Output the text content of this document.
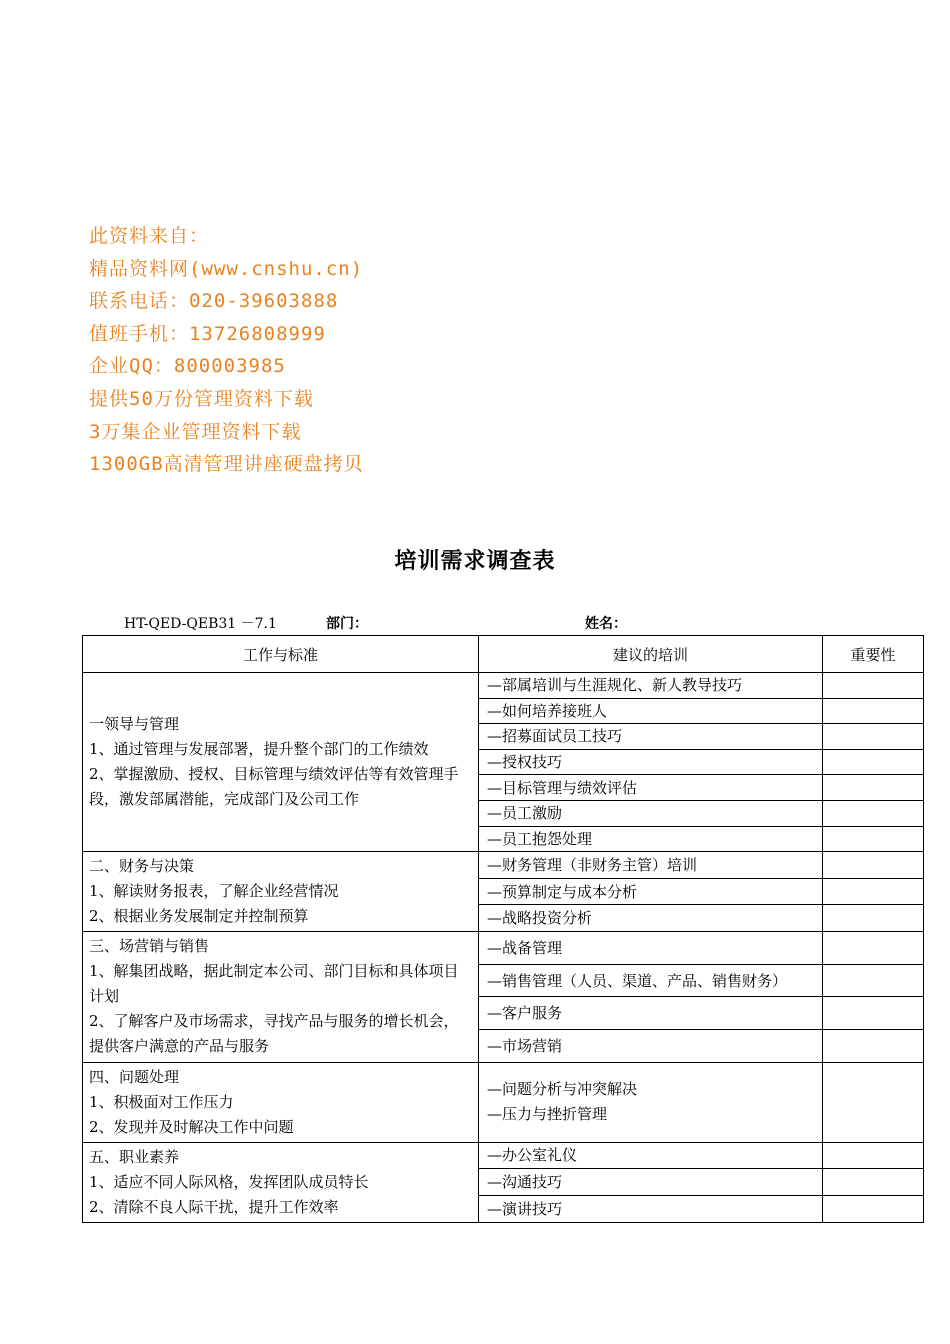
此资料来自：
精品资料网(www.cnshu.cn)
联系电话：020-39603888
值班手机：13726808999
企业QQ：800003985
提供50万份管理资料下载
3万集企业管理资料下载
1300GB高清管理讲座硬盘拷贝
培训需求调查表
HT-QED-QEB31 －7.1	部门：	姓名：
工作与标准	建议的培训	重要性

一领导与管理
1、通过管理与发展部署，提升整个部门的工作绩效
2、掌握激励、授权、目标管理与绩效评估等有效管理手段，激发部属潜能，完成部门及公司工作	—部属培训与生涯规化、新人教导技巧	
	—如何培养接班人	
	—招募面试员工技巧	
	—授权技巧	
	—目标管理与绩效评估	
	—员工激励	
	—员工抱怨处理	

二、财务与决策
1、解读财务报表，了解企业经营情况
2、根据业务发展制定并控制预算	—财务管理（非财务主管）培训	
	—预算制定与成本分析	
	—战略投资分析	

三、场营销与销售
1、解集团战略，据此制定本公司、部门目标和具体项目计划
2、了解客户及市场需求，寻找产品与服务的增长机会，提供客户满意的产品与服务	—战备管理	
	—销售管理（人员、渠道、产品、销售财务）	
	—客户服务	
	—市场营销	

四、问题处理
1、积极面对工作压力
2、发现并及时解决工作中问题	—问题分析与冲突解决
—压力与挫折管理	

五、职业素养
1、适应不同人际风格，发挥团队成员特长
2、清除不良人际干扰，提升工作效率	—办公室礼仪	
	—沟通技巧	
	—演讲技巧	
